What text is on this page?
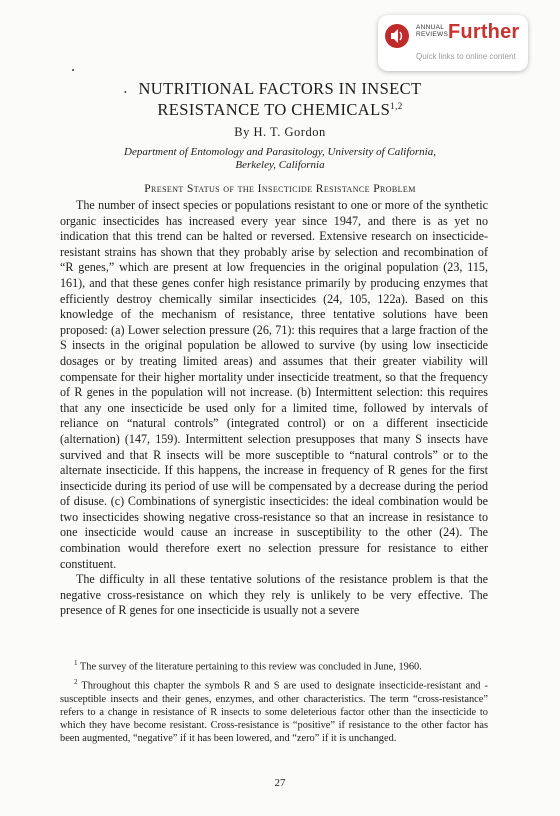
ANNUAL
REVIEWS Further
Quick links to online content
• NUTRITIONAL FACTORS IN INSECT
RESISTANCE TO CHEMICALS$^{1,2}$
By H. T. Gordon
Department of Entomology and Parasitology, University of California,
Berkeley, California
Present Status of the Insecticide Resistance Problem

The number of insect species or populations resistant to one or more of the synthetic organic insecticides has increased every year since 1947, and there is as yet no indication that this trend can be halted or reversed. Extensive research on insecticide-resistant strains has shown that they probably arise by selection and recombination of “R genes,” which are present at low frequencies in the original population (23, 115, 161), and that these genes confer high resistance primarily by producing enzymes that efficiently destroy chemically similar insecticides (24, 105, 122a). Based on this knowledge of the mechanism of resistance, three tentative solutions have been proposed: (a) Lower selection pressure (26, 71): this requires that a large fraction of the S insects in the original population be allowed to survive (by using low insecticide dosages or by treating limited areas) and assumes that their greater viability will compensate for their higher mortality under insecticide treatment, so that the frequency of R genes in the population will not increase. (b) Intermittent selection: this requires that any one insecticide be used only for a limited time, followed by intervals of reliance on “natural controls” (integrated control) or on a different insecticide (alternation) (147, 159). Intermittent selection presupposes that many S insects have survived and that R insects will be more susceptible to “natural controls” or to the alternate insecticide. If this happens, the increase in frequency of R genes for the first insecticide during its period of use will be compensated by a decrease during the period of disuse. (c) Combinations of synergistic insecticides: the ideal combination would be two insecticides showing negative cross-resistance so that an increase in resistance to one insecticide would cause an increase in susceptibility to the other (24). The combination would therefore exert no selection pressure for resistance to either constituent.

The difficulty in all these tentative solutions of the resistance problem is that the negative cross-resistance on which they rely is unlikely to be very effective. The presence of R genes for one insecticide is usually not a severe

$^1$ The survey of the literature pertaining to this review was concluded in June, 1960.

$^2$ Throughout this chapter the symbols R and S are used to designate insecticide-resistant and -susceptible insects and their genes, enzymes, and other characteristics. The term “cross-resistance” refers to a change in resistance of R insects to some deleterious factor other than the insecticide to which they have become resistant. Cross-resistance is “positive” if resistance to the other factor has been augmented, “negative” if it has been lowered, and “zero” if it is unchanged.

27
